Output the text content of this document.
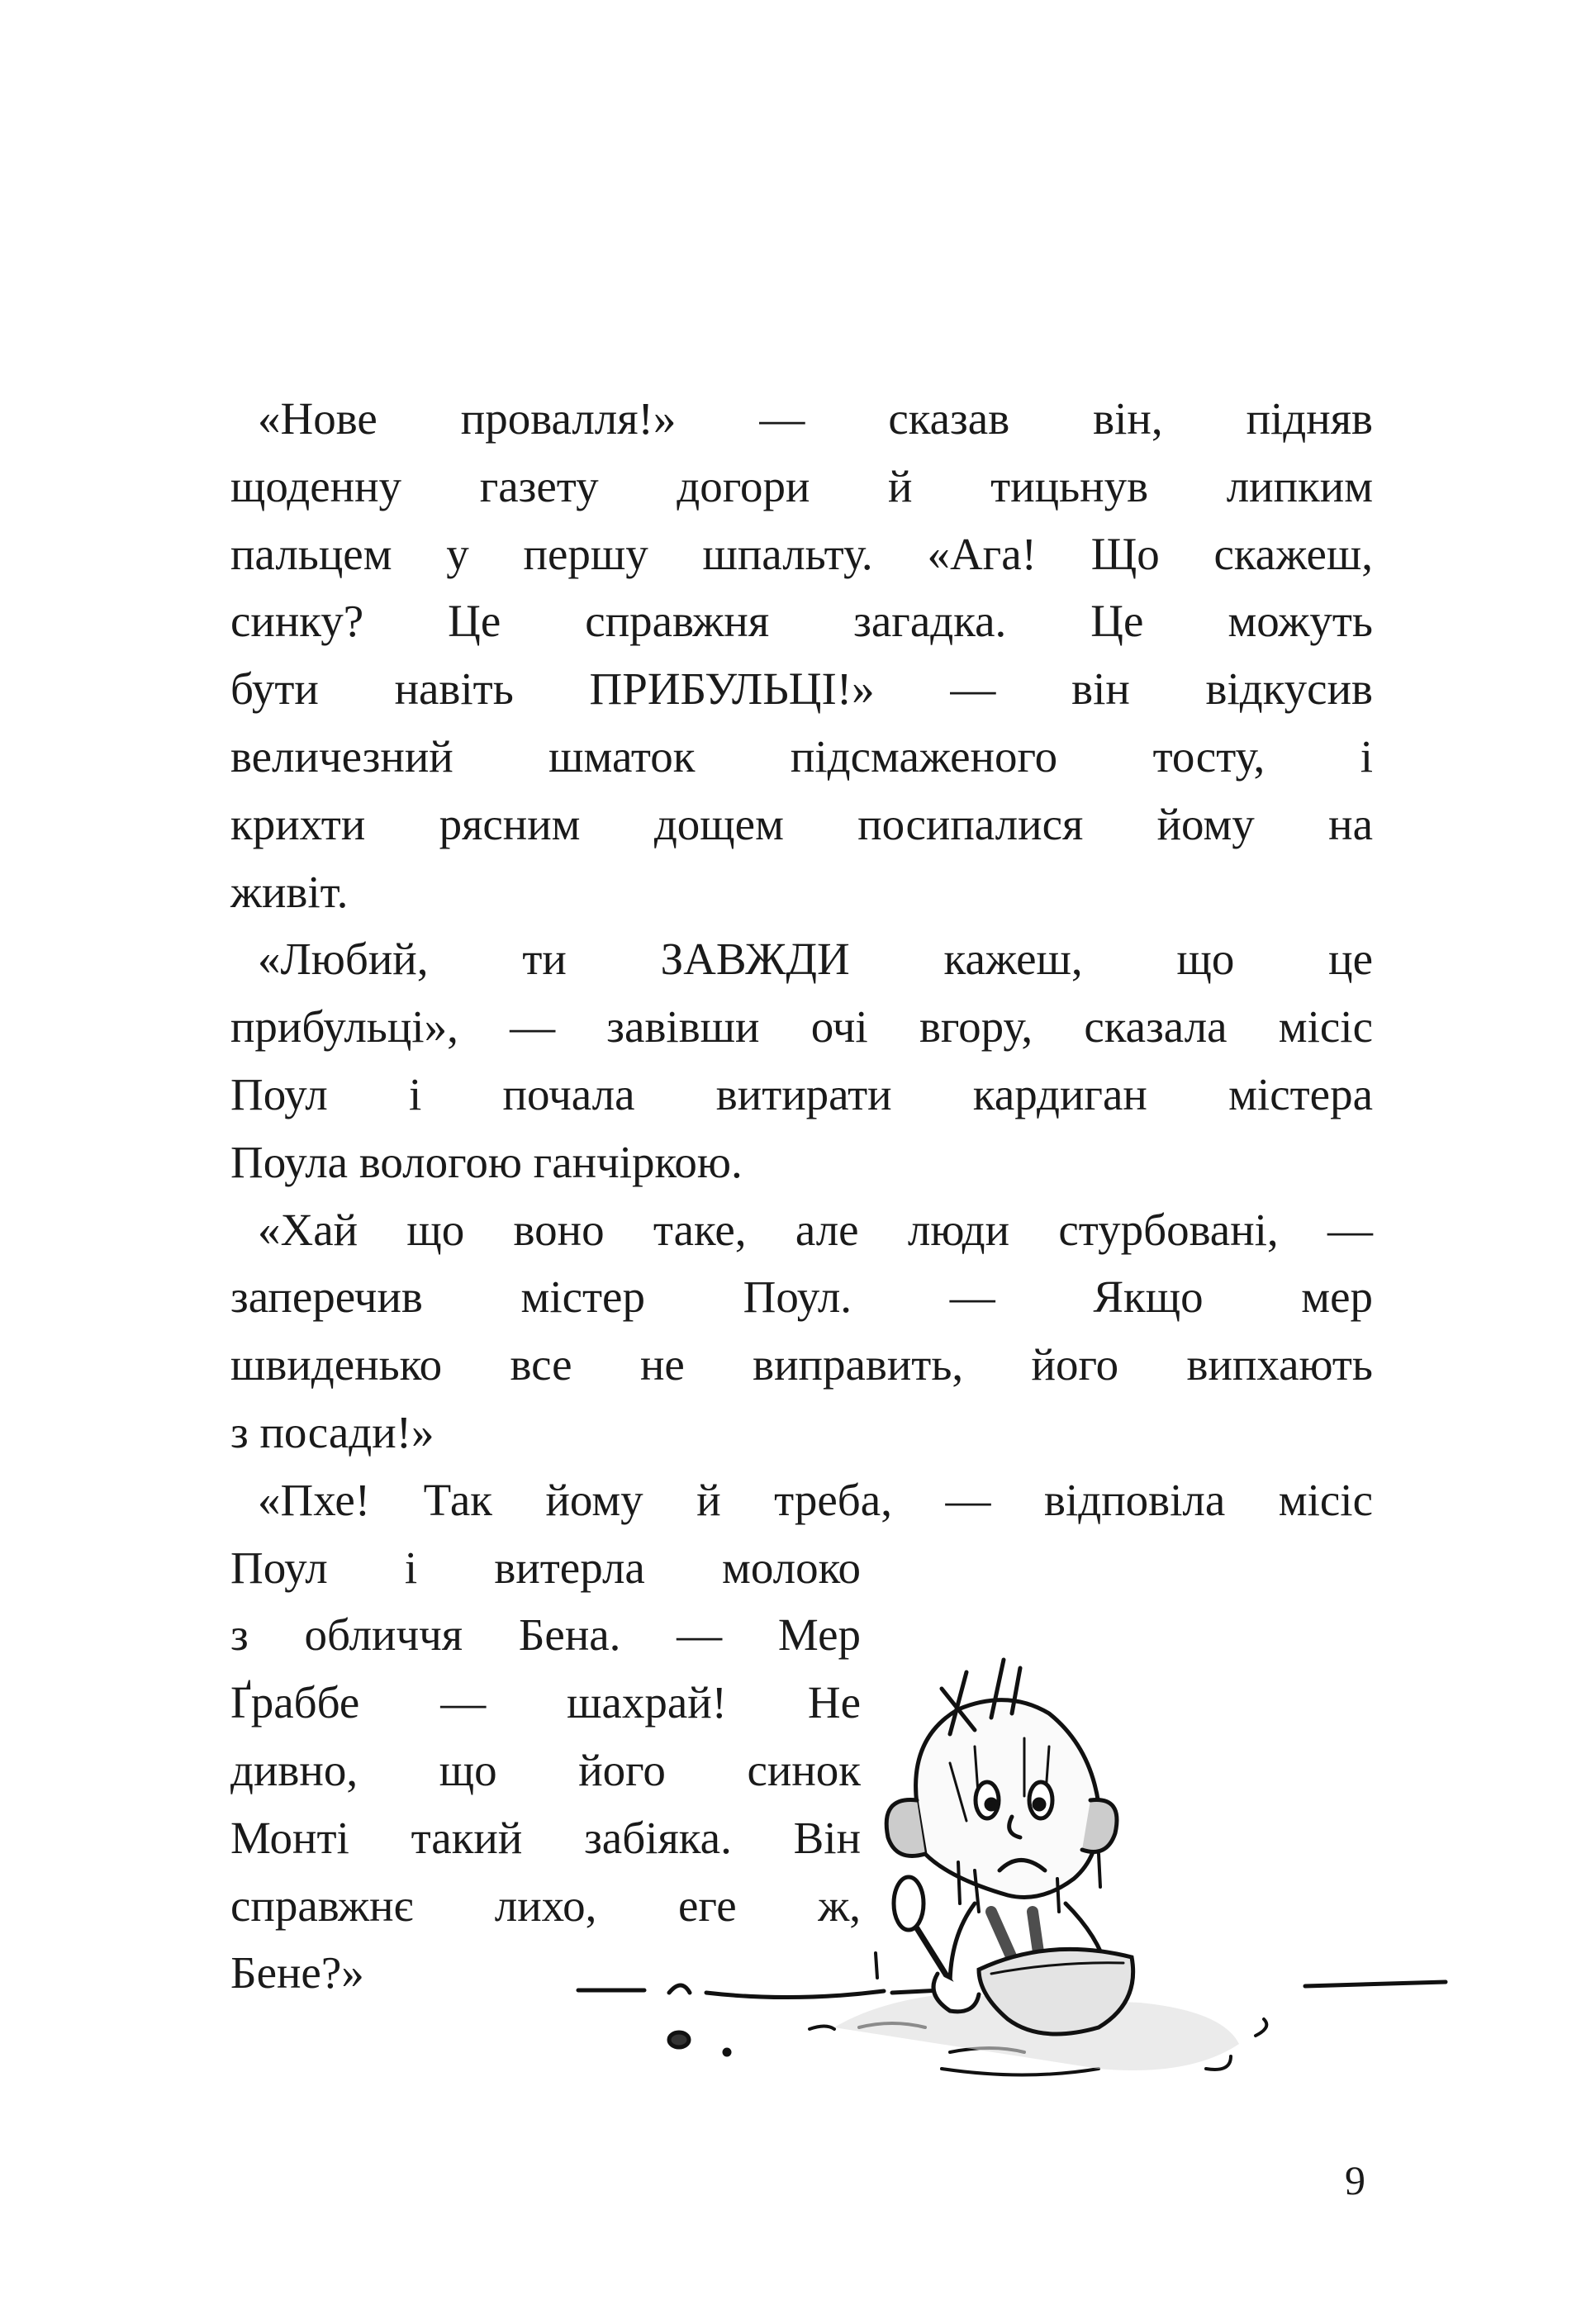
«Нове провалля!» — сказав він, підняв
щоденну газету догори й тицьнув липким
пальцем у першу шпальту. «Ага! Що скажеш,
синку? Це справжня загадка. Це можуть
бути навіть ПРИБУЛЬЦІ!» — він відкусив
величезний шматок підсмаженого тосту, і
крихти рясним дощем посипалися йому на
живіт.
«Любий, ти ЗАВЖДИ кажеш, що це
прибульці», — завівши очі вгору, сказала місіс
Поул і почала витирати кардиган містера
Поула вологою ганчіркою.
«Хай що воно таке, але люди стурбовані, —
заперечив містер Поул. — Якщо мер
швиденько все не виправить, його випхають
з посади!»
«Пхе! Так йому й треба, — відповіла місіс
Поул і витерла молоко
з обличчя Бена. — Мер
Ґраббе — шахрай! Не
дивно, що його синок
Монті такий забіяка. Він
справжнє лихо, еге ж,
Бене?»
9
